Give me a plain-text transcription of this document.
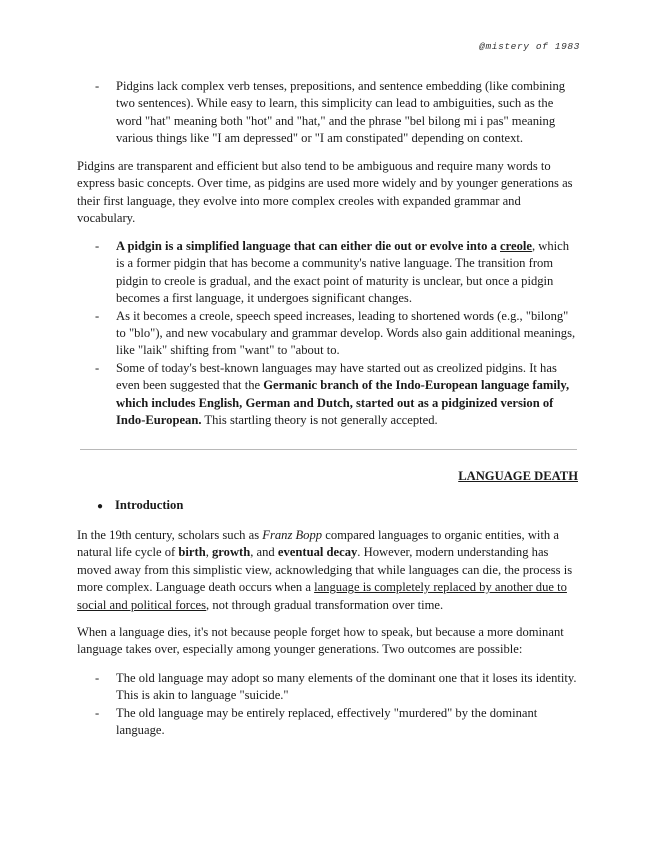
@mistery of 1983
- Pidgins lack complex verb tenses, prepositions, and sentence embedding (like combining two sentences). While easy to learn, this simplicity can lead to ambiguities, such as the word "hat" meaning both "hot" and "hat," and the phrase "bel bilong mi i pas" meaning various things like "I am depressed" or "I am constipated" depending on context.

Pidgins are transparent and efficient but also tend to be ambiguous and require many words to express basic concepts. Over time, as pidgins are used more widely and by younger generations as their first language, they evolve into more complex creoles with expanded grammar and vocabulary.

- A pidgin is a simplified language that can either die out or evolve into a creole, which is a former pidgin that has become a community's native language. The transition from pidgin to creole is gradual, and the exact point of maturity is unclear, but once a pidgin becomes a first language, it undergoes significant changes.
- As it becomes a creole, speech speed increases, leading to shortened words (e.g., "bilong" to "blo"), and new vocabulary and grammar develop. Words also gain additional meanings, like "laik" shifting from "want" to "about to.
- Some of today's best-known languages may have started out as creolized pidgins. It has even been suggested that the Germanic branch of the Indo-European language family, which includes English, German and Dutch, started out as a pidginized version of Indo-European. This startling theory is not generally accepted.
LANGUAGE DEATH
● Introduction

In the 19th century, scholars such as Franz Bopp compared languages to organic entities, with a natural life cycle of birth, growth, and eventual decay. However, modern understanding has moved away from this simplistic view, acknowledging that while languages can die, the process is more complex. Language death occurs when a language is completely replaced by another due to social and political forces, not through gradual transformation over time.

When a language dies, it's not because people forget how to speak, but because a more dominant language takes over, especially among younger generations. Two outcomes are possible:

- The old language may adopt so many elements of the dominant one that it loses its identity. This is akin to language "suicide."
- The old language may be entirely replaced, effectively "murdered" by the dominant language.
